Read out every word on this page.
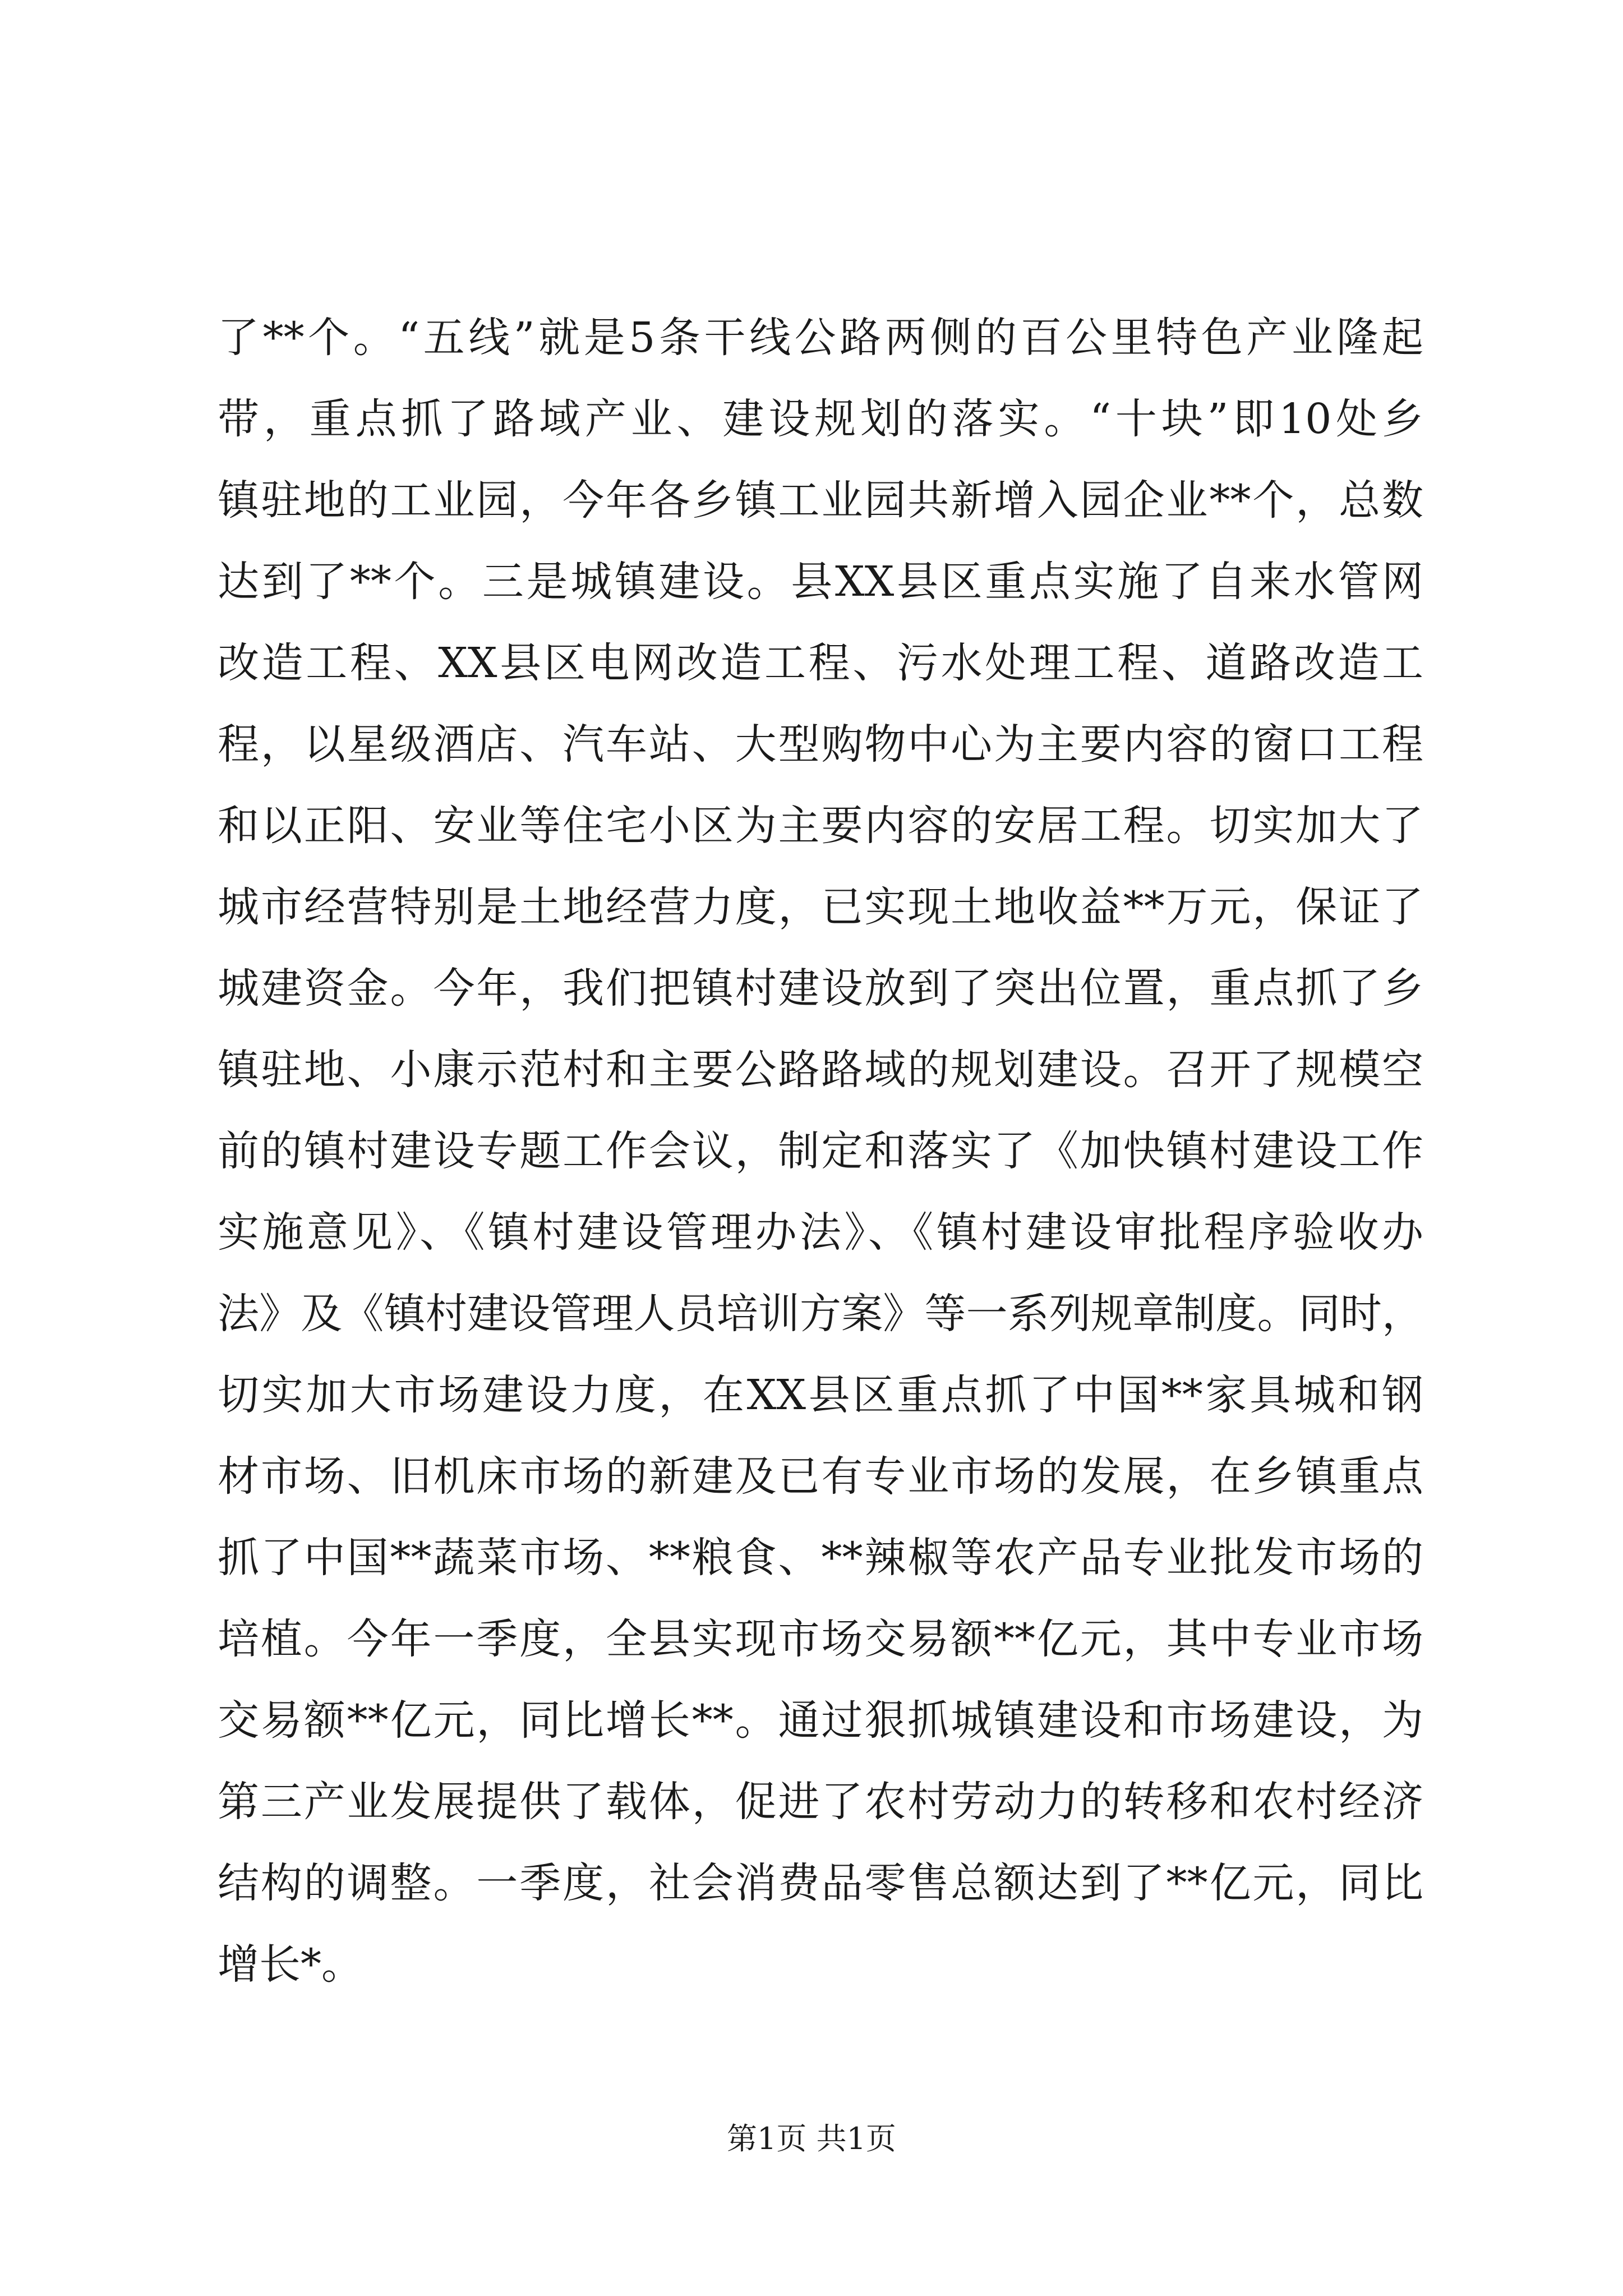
了**个。“五线”就是5条干线公路两侧的百公里特色产业隆起
带，重点抓了路域产业、建设规划的落实。“十块”即10处乡
镇驻地的工业园，今年各乡镇工业园共新增入园企业**个，总数
达到了**个。三是城镇建设。县XX县区重点实施了自来水管网
改造工程、XX县区电网改造工程、污水处理工程、道路改造工
程，以星级酒店、汽车站、大型购物中心为主要内容的窗口工程
和以正阳、安业等住宅小区为主要内容的安居工程。切实加大了
城市经营特别是土地经营力度，已实现土地收益**万元，保证了
城建资金。今年，我们把镇村建设放到了突出位置，重点抓了乡
镇驻地、小康示范村和主要公路路域的规划建设。召开了规模空
前的镇村建设专题工作会议，制定和落实了《加快镇村建设工作
实施意见》、《镇村建设管理办法》、《镇村建设审批程序验收办
法》及《镇村建设管理人员培训方案》等一系列规章制度。同时，
切实加大市场建设力度，在XX县区重点抓了中国**家具城和钢
材市场、旧机床市场的新建及已有专业市场的发展，在乡镇重点
抓了中国**蔬菜市场、**粮食、**辣椒等农产品专业批发市场的
培植。今年一季度，全县实现市场交易额**亿元，其中专业市场
交易额**亿元，同比增长**。通过狠抓城镇建设和市场建设，为
第三产业发展提供了载体，促进了农村劳动力的转移和农村经济
结构的调整。一季度，社会消费品零售总额达到了**亿元，同比
增长*。
第1页 共1页
